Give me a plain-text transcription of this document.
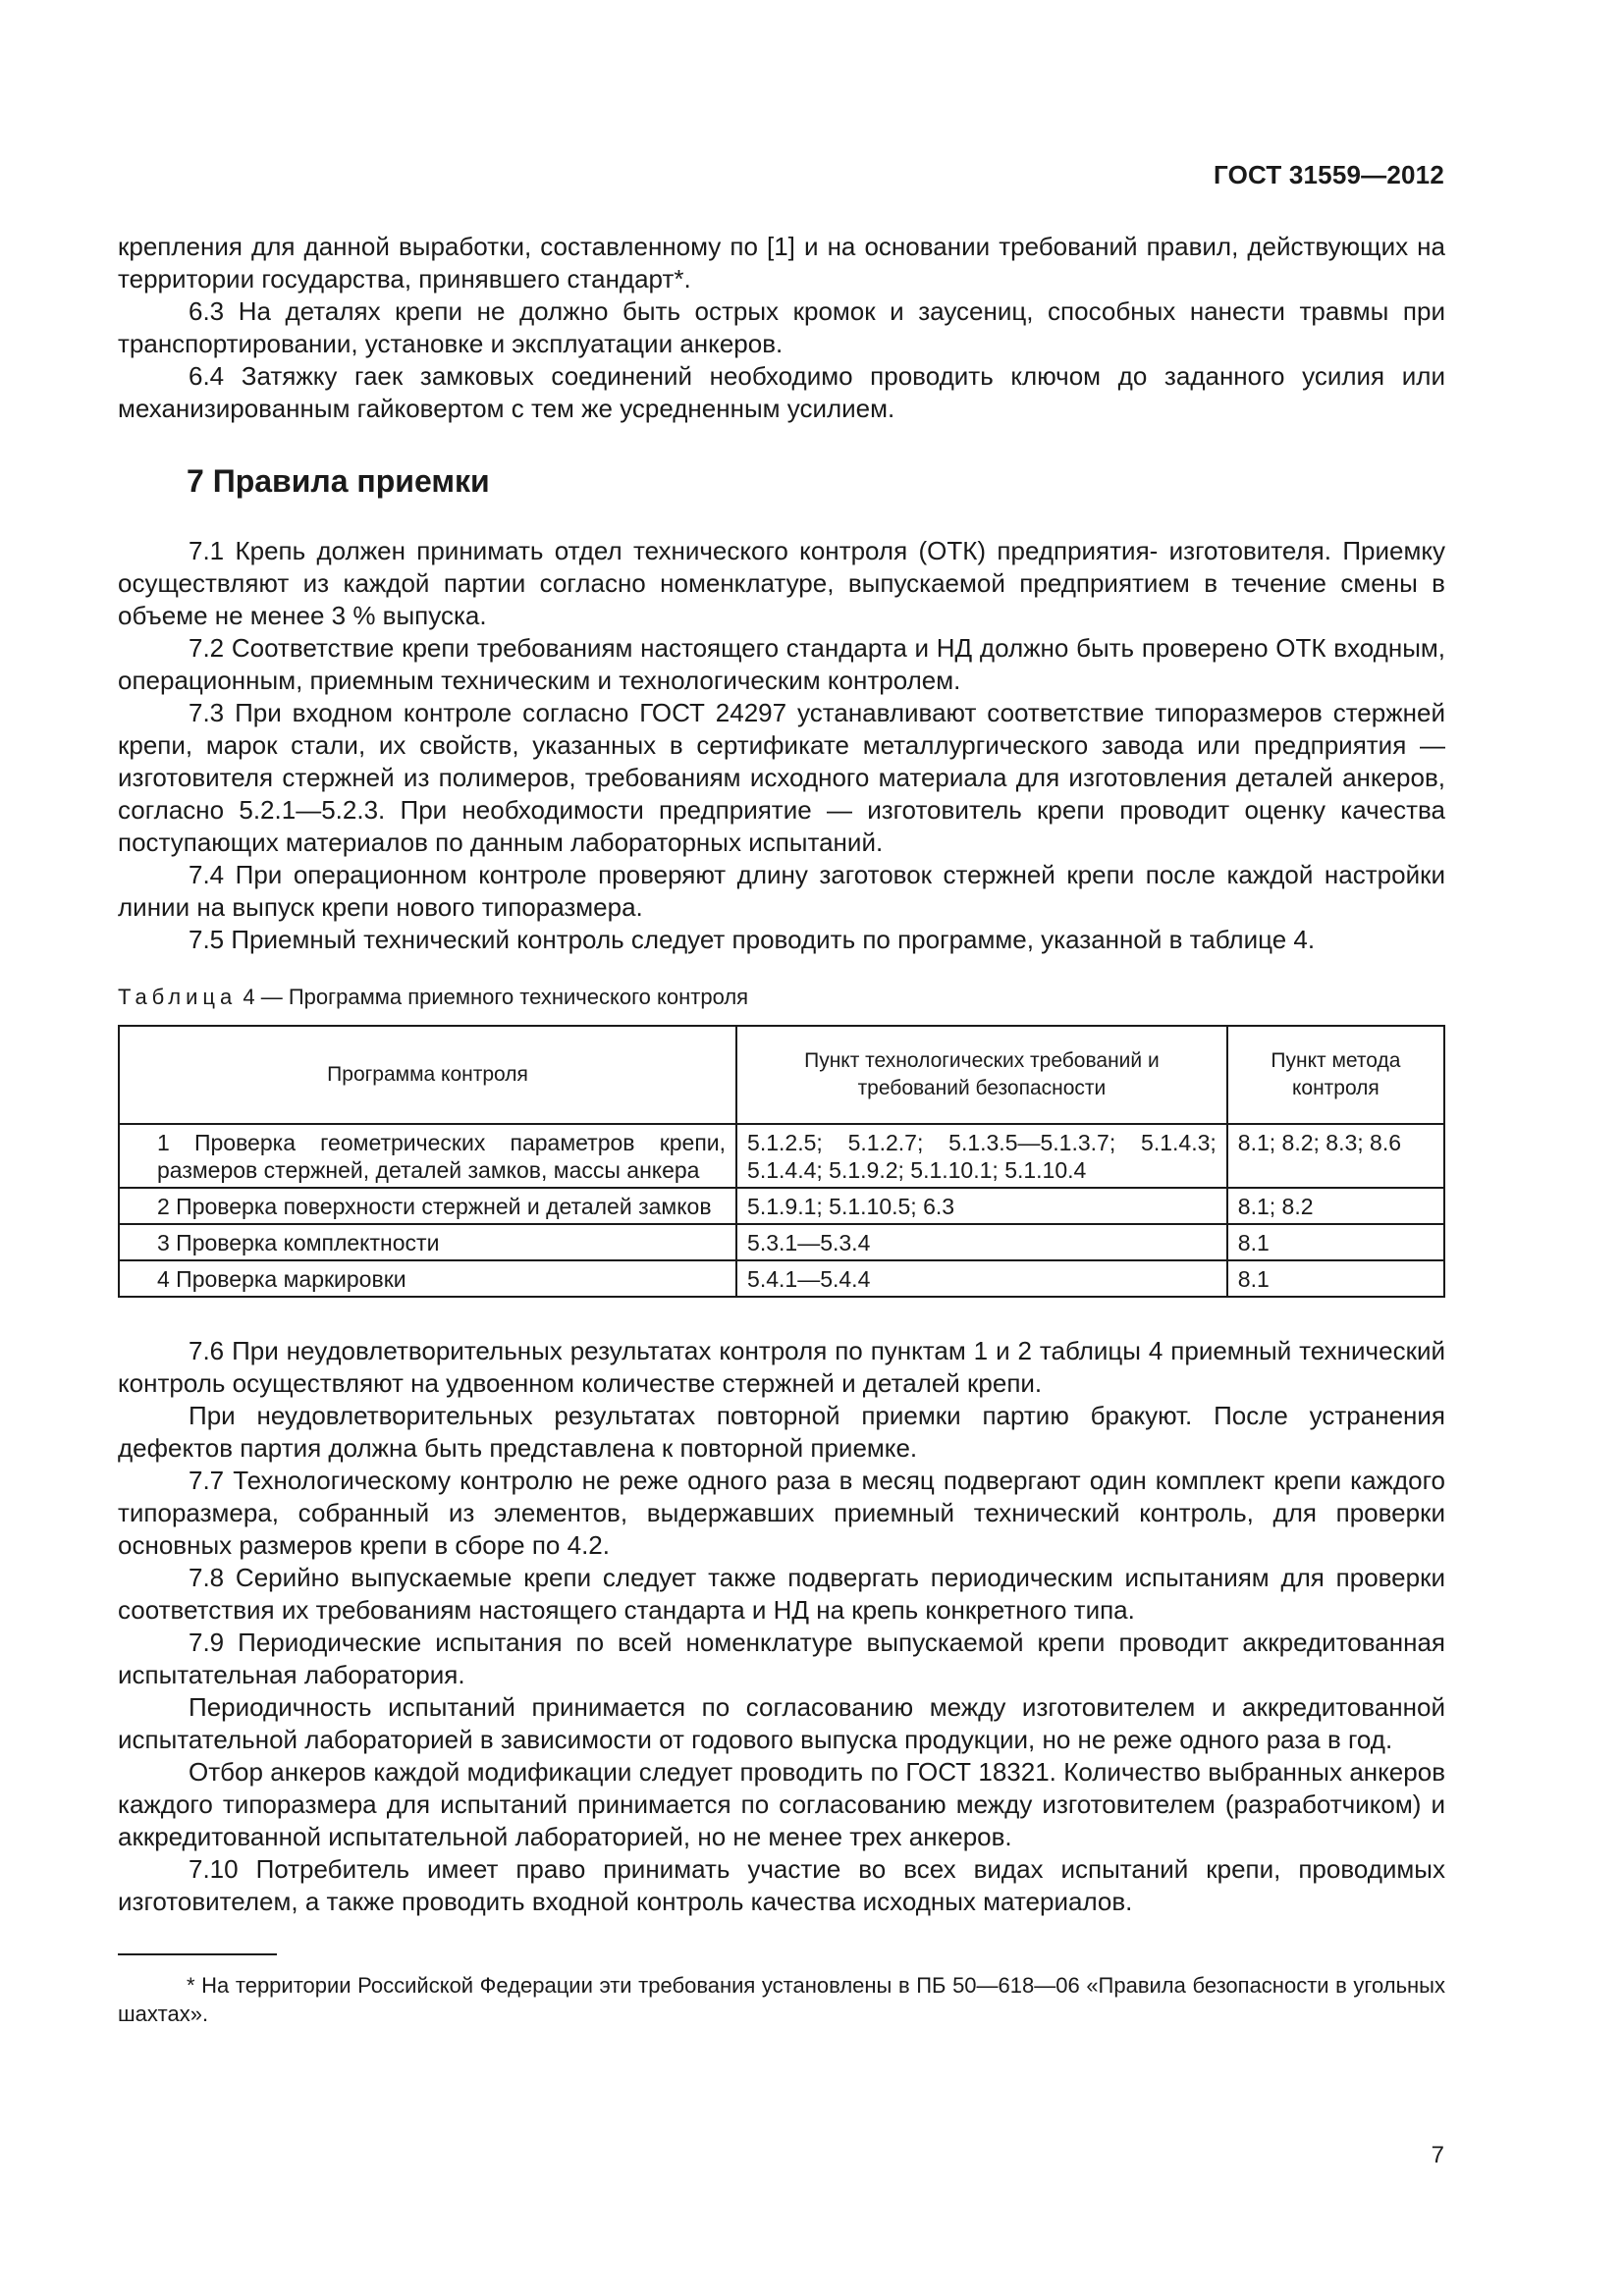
ГОСТ 31559—2012

крепления для данной выработки, составленному по [1] и на основании требований правил, действующих на территории государства, принявшего стандарт*.

6.3 На деталях крепи не должно быть острых кромок и заусениц, способных нанести травмы при транспортировании, установке и эксплуатации анкеров.

6.4 Затяжку гаек замковых соединений необходимо проводить ключом до заданного усилия или механизированным гайковертом с тем же усредненным усилием.

7 Правила приемки

7.1 Крепь должен принимать отдел технического контроля (ОТК) предприятия- изготовителя. Приемку осуществляют из каждой партии согласно номенклатуре, выпускаемой предприятием в течение смены в объеме не менее 3 % выпуска.

7.2 Соответствие крепи требованиям настоящего стандарта и НД должно быть проверено ОТК входным, операционным, приемным техническим и технологическим контролем.

7.3 При входном контроле согласно ГОСТ 24297 устанавливают соответствие типоразмеров стержней крепи, марок стали, их свойств, указанных в сертификате металлургического завода или предприятия — изготовителя стержней из полимеров, требованиям исходного материала для изготовления деталей анкеров, согласно 5.2.1—5.2.3. При необходимости предприятие — изготовитель крепи проводит оценку качества поступающих материалов по данным лабораторных испытаний.

7.4 При операционном контроле проверяют длину заготовок стержней крепи после каждой настройки линии на выпуск крепи нового типоразмера.

7.5 Приемный технический контроль следует проводить по программе, указанной в таблице 4.

Таблица 4 — Программа приемного технического контроля
Программа контроля	Пункт технологических требований и требований безопасности	Пункт метода контроля

1 Проверка геометрических параметров крепи, размеров стержней, деталей замков, массы анкера	5.1.2.5; 5.1.2.7; 5.1.3.5—5.1.3.7; 5.1.4.3; 5.1.4.4; 5.1.9.2; 5.1.10.1; 5.1.10.4	8.1; 8.2; 8.3; 8.6

2 Проверка поверхности стержней и деталей замков	5.1.9.1; 5.1.10.5; 6.3	8.1; 8.2

3 Проверка комплектности	5.3.1—5.3.4	8.1

4 Проверка маркировки	5.4.1—5.4.4	8.1

7.6 При неудовлетворительных результатах контроля по пунктам 1 и 2 таблицы 4 приемный технический контроль осуществляют на удвоенном количестве стержней и деталей крепи.

При неудовлетворительных результатах повторной приемки партию бракуют. После устранения дефектов партия должна быть представлена к повторной приемке.

7.7 Технологическому контролю не реже одного раза в месяц подвергают один комплект крепи каждого типоразмера, собранный из элементов, выдержавших приемный технический контроль, для проверки основных размеров крепи в сборе по 4.2.

7.8 Серийно выпускаемые крепи следует также подвергать периодическим испытаниям для проверки соответствия их требованиям настоящего стандарта и НД на крепь конкретного типа.

7.9 Периодические испытания по всей номенклатуре выпускаемой крепи проводит аккредитованная испытательная лаборатория.

Периодичность испытаний принимается по согласованию между изготовителем и аккредитованной испытательной лабораторией в зависимости от годового выпуска продукции, но не реже одного раза в год.

Отбор анкеров каждой модификации следует проводить по ГОСТ 18321. Количество выбранных анкеров каждого типоразмера для испытаний принимается по согласованию между изготовителем (разработчиком) и аккредитованной испытательной лабораторией, но не менее трех анкеров.

7.10 Потребитель имеет право принимать участие во всех видах испытаний крепи, проводимых изготовителем, а также проводить входной контроль качества исходных материалов.

* На территории Российской Федерации эти требования установлены в ПБ 50—618—06 «Правила безопасности в угольных шахтах».

7
